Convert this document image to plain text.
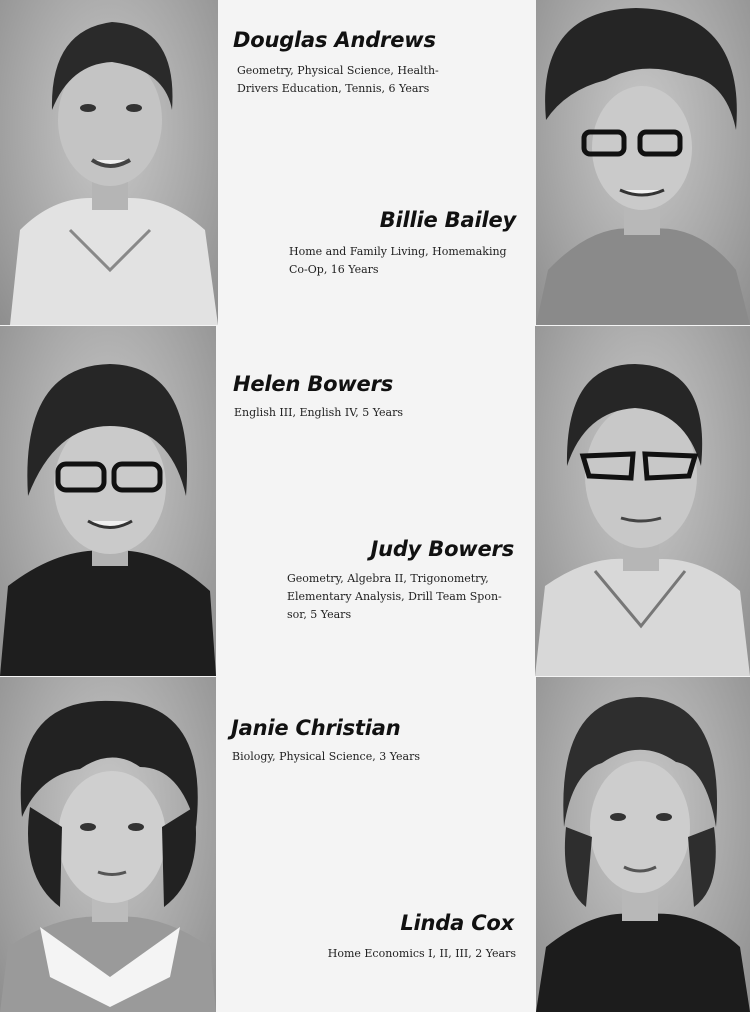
Douglas Andrews
Geometry, Physical Science, Health-
Drivers Education, Tennis, 6 Years
Billie Bailey
Home and Family Living, Homemaking
Co-Op, 16 Years
Helen Bowers
English III, English IV, 5 Years
Judy Bowers
Geometry, Algebra II, Trigonometry,
Elementary Analysis, Drill Team Spon-
sor, 5 Years
Janie Christian
Biology, Physical Science, 3 Years
Linda Cox
Home Economics I, II, III, 2 Years
